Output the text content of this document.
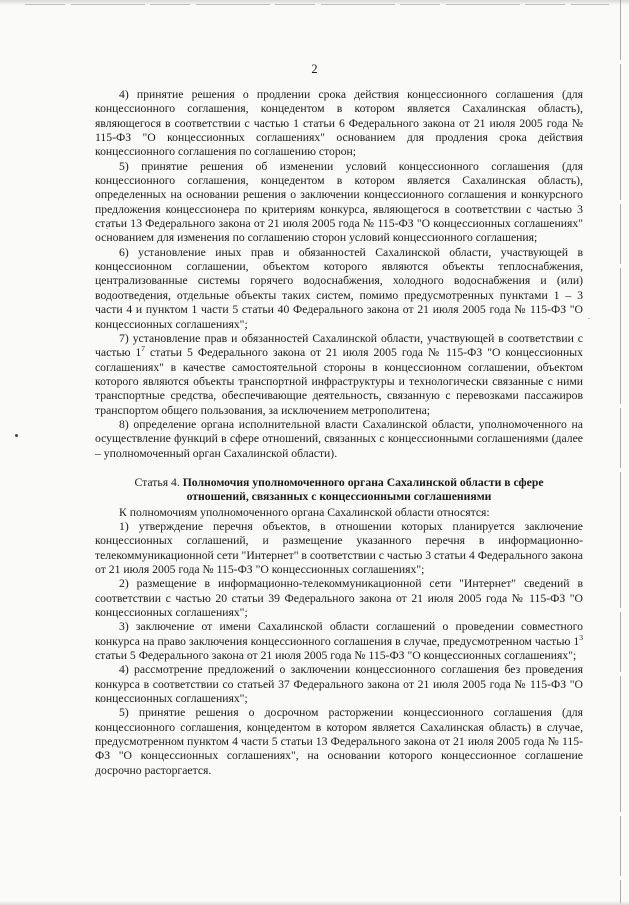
2

4) принятие решения о продлении срока действия концессионного соглашения (для концессионного соглашения, концедентом в котором является Сахалинская область), являющегося в соответствии с частью 1 статьи 6 Федерального закона от 21 июля 2005 года № 115-ФЗ "О концессионных соглашениях" основанием для продления срока действия концессионного соглашения по соглашению сторон;

5) принятие решения об изменении условий концессионного соглашения (для концессионного соглашения, концедентом в котором является Сахалинская область), определенных на основании решения о заключении концессионного соглашения и конкурсного предложения концессионера по критериям конкурса, являющегося в соответствии с частью 3 статьи 13 Федерального закона от 21 июля 2005 года № 115-ФЗ "О концессионных соглашениях" основанием для изменения по соглашению сторон условий концессионного соглашения;

6) установление иных прав и обязанностей Сахалинской области, участвующей в концессионном соглашении, объектом которого являются объекты теплоснабжения, централизованные системы горячего водоснабжения, холодного водоснабжения и (или) водоотведения, отдельные объекты таких систем, помимо предусмотренных пунктами 1 – 3 части 4 и пунктом 1 части 5 статьи 40 Федерального закона от 21 июля 2005 года № 115-ФЗ "О концессионных соглашениях";

7) установление прав и обязанностей Сахалинской области, участвующей в соответствии с частью $1^7$ статьи 5 Федерального закона от 21 июля 2005 года № 115-ФЗ "О концессионных соглашениях" в качестве самостоятельной стороны в концессионном соглашении, объектом которого являются объекты транспортной инфраструктуры и технологически связанные с ними транспортные средства, обеспечивающие деятельность, связанную с перевозками пассажиров транспортом общего пользования, за исключением метрополитена;

8) определение органа исполнительной власти Сахалинской области, уполномоченного на осуществление функций в сфере отношений, связанных с концессионными соглашениями (далее – уполномоченный орган Сахалинской области).

Статья 4. Полномочия уполномоченного органа Сахалинской области в сфере
отношений, связанных с концессионными соглашениями

К полномочиям уполномоченного органа Сахалинской области относятся:

1) утверждение перечня объектов, в отношении которых планируется заключение концессионных соглашений, и размещение указанного перечня в информационно-телекоммуникационной сети "Интернет" в соответствии с частью 3 статьи 4 Федерального закона от 21 июля 2005 года № 115-ФЗ "О концессионных соглашениях";

2) размещение в информационно-телекоммуникационной сети "Интернет" сведений в соответствии с частью 20 статьи 39 Федерального закона от 21 июля 2005 года № 115-ФЗ "О концессионных соглашениях";

3) заключение от имени Сахалинской области соглашений о проведении совместного конкурса на право заключения концессионного соглашения в случае, предусмотренном частью $1^3$ статьи 5 Федерального закона от 21 июля 2005 года № 115-ФЗ "О концессионных соглашениях";

4) рассмотрение предложений о заключении концессионного соглашения без проведения конкурса в соответствии со статьей 37 Федерального закона от 21 июля 2005 года № 115-ФЗ "О концессионных соглашениях";

5) принятие решения о досрочном расторжении концессионного соглашения (для концессионного соглашения, концедентом в котором является Сахалинская область) в случае, предусмотренном пунктом 4 части 5 статьи 13 Федерального закона от 21 июля 2005 года № 115-ФЗ "О концессионных соглашениях", на основании которого концессионное соглашение досрочно расторгается.
